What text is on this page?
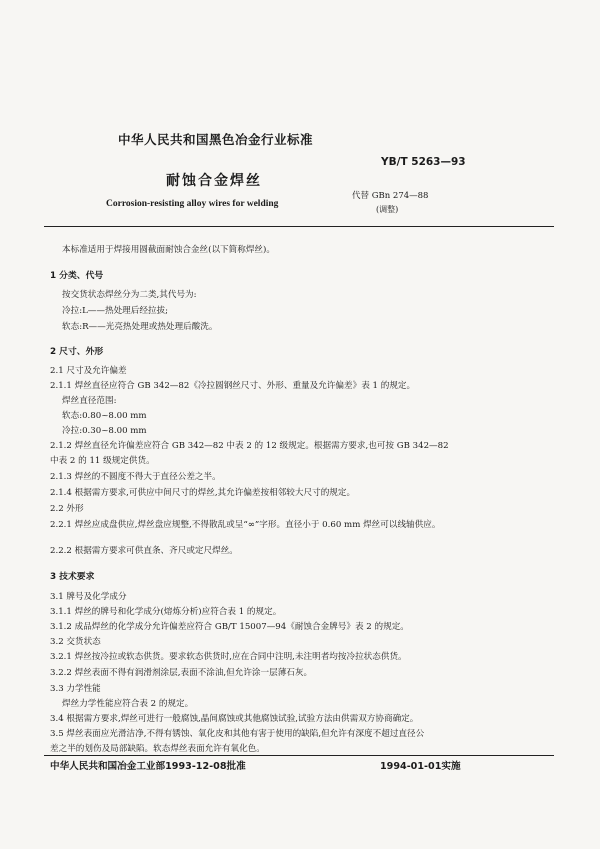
中华人民共和国黑色冶金行业标准
YB/T 5263—93
耐蚀合金焊丝
代替 GBn 274—88
Corrosion-resisting alloy wires for welding
(调整)
本标准适用于焊接用圆截面耐蚀合金丝(以下简称焊丝)。
1 分类、代号
按交货状态焊丝分为二类,其代号为:
冷拉:L——热处理后经拉拔;
软态:R——光亮热处理或热处理后酸洗。
2 尺寸、外形
2.1 尺寸及允许偏差
2.1.1 焊丝直径应符合 GB 342—82《冷拉圆钢丝尺寸、外形、重量及允许偏差》表 1 的规定。
焊丝直径范围:
软态:0.80~8.00 mm
冷拉:0.30~8.00 mm
2.1.2 焊丝直径允许偏差应符合 GB 342—82 中表 2 的 12 级规定。根据需方要求,也可按 GB 342—82
中表 2 的 11 级规定供货。
2.1.3 焊丝的不圆度不得大于直径公差之半。
2.1.4 根据需方要求,可供应中间尺寸的焊丝,其允许偏差按相邻较大尺寸的规定。
2.2 外形
2.2.1 焊丝应成盘供应,焊丝盘应规整,不得散乱或呈“∞”字形。直径小于 0.60 mm 焊丝可以线轴供应。
2.2.2 根据需方要求可供直条、齐尺或定尺焊丝。
3 技术要求
3.1 牌号及化学成分
3.1.1 焊丝的牌号和化学成分(熔炼分析)应符合表 1 的规定。
3.1.2 成品焊丝的化学成分允许偏差应符合 GB/T 15007—94《耐蚀合金牌号》表 2 的规定。
3.2 交货状态
3.2.1 焊丝按冷拉或软态供货。要求软态供货时,应在合同中注明,未注明者均按冷拉状态供货。
3.2.2 焊丝表面不得有润滑剂涂层,表面不涂油,但允许涂一层薄石灰。
3.3 力学性能
焊丝力学性能应符合表 2 的规定。
3.4 根据需方要求,焊丝可进行一般腐蚀,晶间腐蚀或其他腐蚀试验,试验方法由供需双方协商确定。
3.5 焊丝表面应光滑洁净,不得有锈蚀、氧化皮和其他有害于使用的缺陷,但允许有深度不超过直径公
差之半的划伤及局部缺陷。软态焊丝表面允许有氧化色。
中华人民共和国冶金工业部1993-12-08批准	1994-01-01实施
